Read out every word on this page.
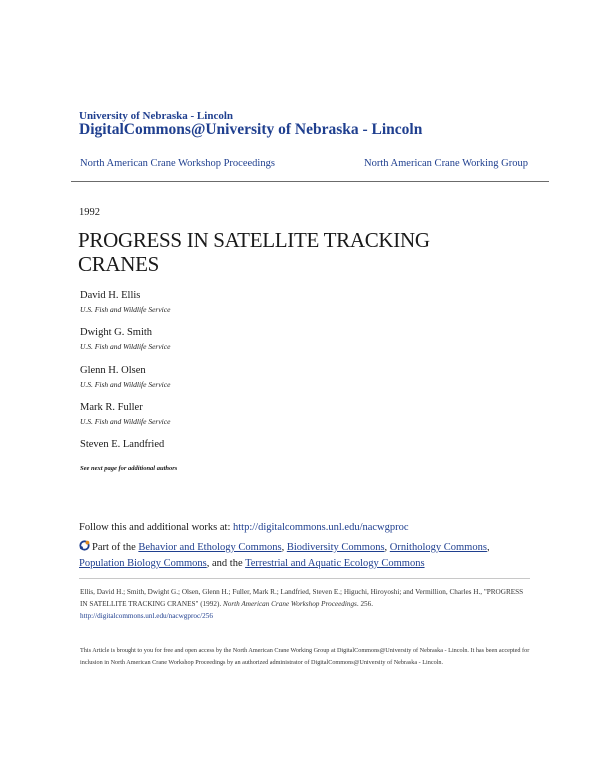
University of Nebraska - Lincoln
DigitalCommons@University of Nebraska - Lincoln
North American Crane Workshop Proceedings	North American Crane Working Group
1992
PROGRESS IN SATELLITE TRACKING CRANES
David H. Ellis
U.S. Fish and Wildlife Service
Dwight G. Smith
U.S. Fish and Wildlife Service
Glenn H. Olsen
U.S. Fish and Wildlife Service
Mark R. Fuller
U.S. Fish and Wildlife Service
Steven E. Landfried
See next page for additional authors
Follow this and additional works at: http://digitalcommons.unl.edu/nacwgproc
Part of the Behavior and Ethology Commons, Biodiversity Commons, Ornithology Commons, Population Biology Commons, and the Terrestrial and Aquatic Ecology Commons
Ellis, David H.; Smith, Dwight G.; Olsen, Glenn H.; Fuller, Mark R.; Landfried, Steven E.; Higuchi, Hiroyoshi; and Vermillion, Charles H., "PROGRESS IN SATELLITE TRACKING CRANES" (1992). North American Crane Workshop Proceedings. 256.
http://digitalcommons.unl.edu/nacwgproc/256
This Article is brought to you for free and open access by the North American Crane Working Group at DigitalCommons@University of Nebraska - Lincoln. It has been accepted for inclusion in North American Crane Workshop Proceedings by an authorized administrator of DigitalCommons@University of Nebraska - Lincoln.
